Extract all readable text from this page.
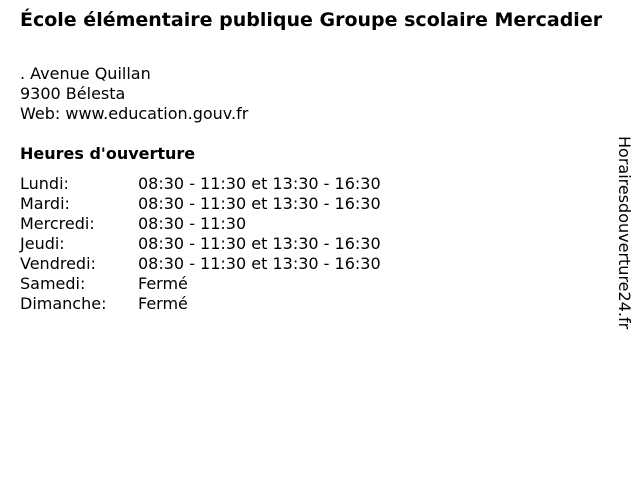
École élémentaire publique Groupe scolaire Mercadier
. Avenue Quillan
9300 Bélesta
Web: www.education.gouv.fr
Heures d'ouverture
Lundi:	08:30 - 11:30 et 13:30 - 16:30
Mardi:	08:30 - 11:30 et 13:30 - 16:30
Mercredi:	08:30 - 11:30
Jeudi:	08:30 - 11:30 et 13:30 - 16:30
Vendredi:	08:30 - 11:30 et 13:30 - 16:30
Samedi:	Fermé
Dimanche:	Fermé	Horairesdouverture24.fr
